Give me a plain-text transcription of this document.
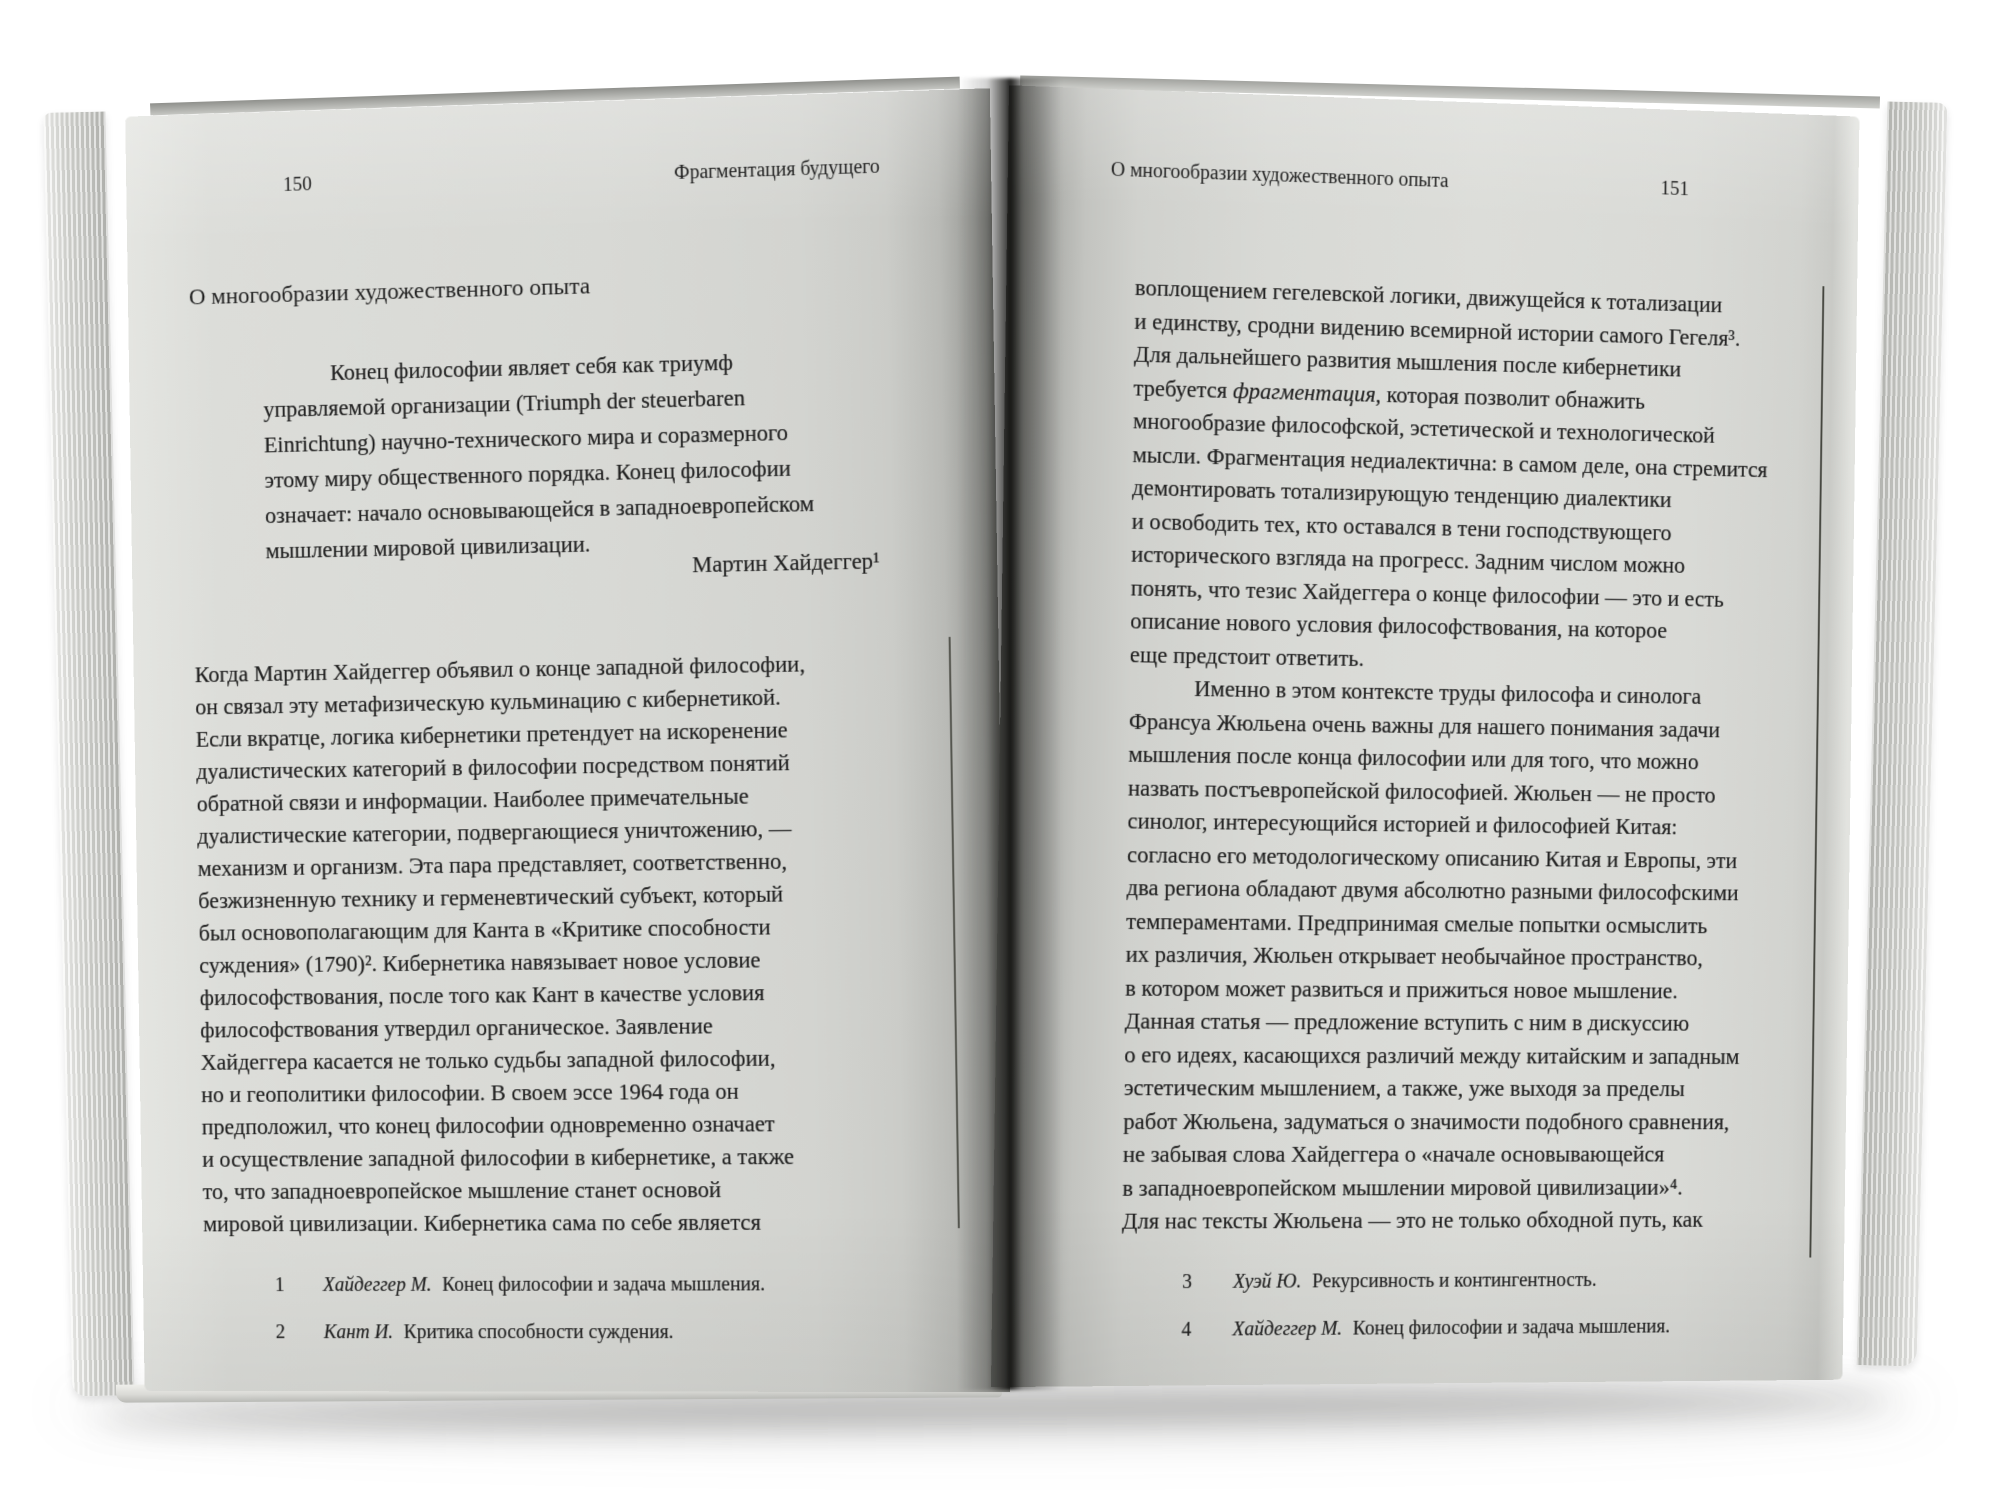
150
Фрагментация будущего
О многообразии художественного опыта
Конец философии являет себя как триумф
управляемой организации (Triumph der steuerbaren
Einrichtung) научно-технического мира и соразмерного
этому миру общественного порядка. Конец философии
означает: начало основывающейся в западноевропейском
мышлении мировой цивилизации.	Мартин Хайдеггер¹
Когда Мартин Хайдеггер объявил о конце западной философии,
он связал эту метафизическую кульминацию с кибернетикой.
Если вкратце, логика кибернетики претендует на искоренение
дуалистических категорий в философии посредством понятий
обратной связи и информации. Наиболее примечательные
дуалистические категории, подвергающиеся уничтожению, —
механизм и организм. Эта пара представляет, соответственно,
безжизненную технику и герменевтический субъект, который
был основополагающим для Канта в «Критике способности
суждения» (1790)². Кибернетика навязывает новое условие
философствования, после того как Кант в качестве условия
философствования утвердил органическое. Заявление
Хайдеггера касается не только судьбы западной философии,
но и геополитики философии. В своем эссе 1964 года он
предположил, что конец философии одновременно означает
и осуществление западной философии в кибернетике, а также
то, что западноевропейское мышление станет основой
мировой цивилизации. Кибернетика сама по себе является
1	Хайдеггер М. Конец философии и задача мышления.
2	Кант И. Критика способности суждения.
О многообразии художественного опыта	151
воплощением гегелевской логики, движущейся к тотализации
и единству, сродни видению всемирной истории самого Гегеля³.
Для дальнейшего развития мышления после кибернетики
требуется фрагментация, которая позволит обнажить
многообразие философской, эстетической и технологической
мысли. Фрагментация недиалектична: в самом деле, она стремится
демонтировать тотализирующую тенденцию диалектики
и освободить тех, кто оставался в тени господствующего
исторического взгляда на прогресс. Задним числом можно
понять, что тезис Хайдеггера о конце философии — это и есть
описание нового условия философствования, на которое
еще предстоит ответить.
Именно в этом контексте труды философа и синолога
Франсуа Жюльена очень важны для нашего понимания задачи
мышления после конца философии или для того, что можно
назвать постъевропейской философией. Жюльен — не просто
синолог, интересующийся историей и философией Китая:
согласно его методологическому описанию Китая и Европы, эти
два региона обладают двумя абсолютно разными философскими
темпераментами. Предпринимая смелые попытки осмыслить
их различия, Жюльен открывает необычайное пространство,
в котором может развиться и прижиться новое мышление.
Данная статья — предложение вступить с ним в дискуссию
о его идеях, касающихся различий между китайским и западным
эстетическим мышлением, а также, уже выходя за пределы
работ Жюльена, задуматься о значимости подобного сравнения,
не забывая слова Хайдеггера о «начале основывающейся
в западноевропейском мышлении мировой цивилизации»⁴.
Для нас тексты Жюльена — это не только обходной путь, как
3	Хуэй Ю. Рекурсивность и контингентность.
4	Хайдеггер М. Конец философии и задача мышления.
